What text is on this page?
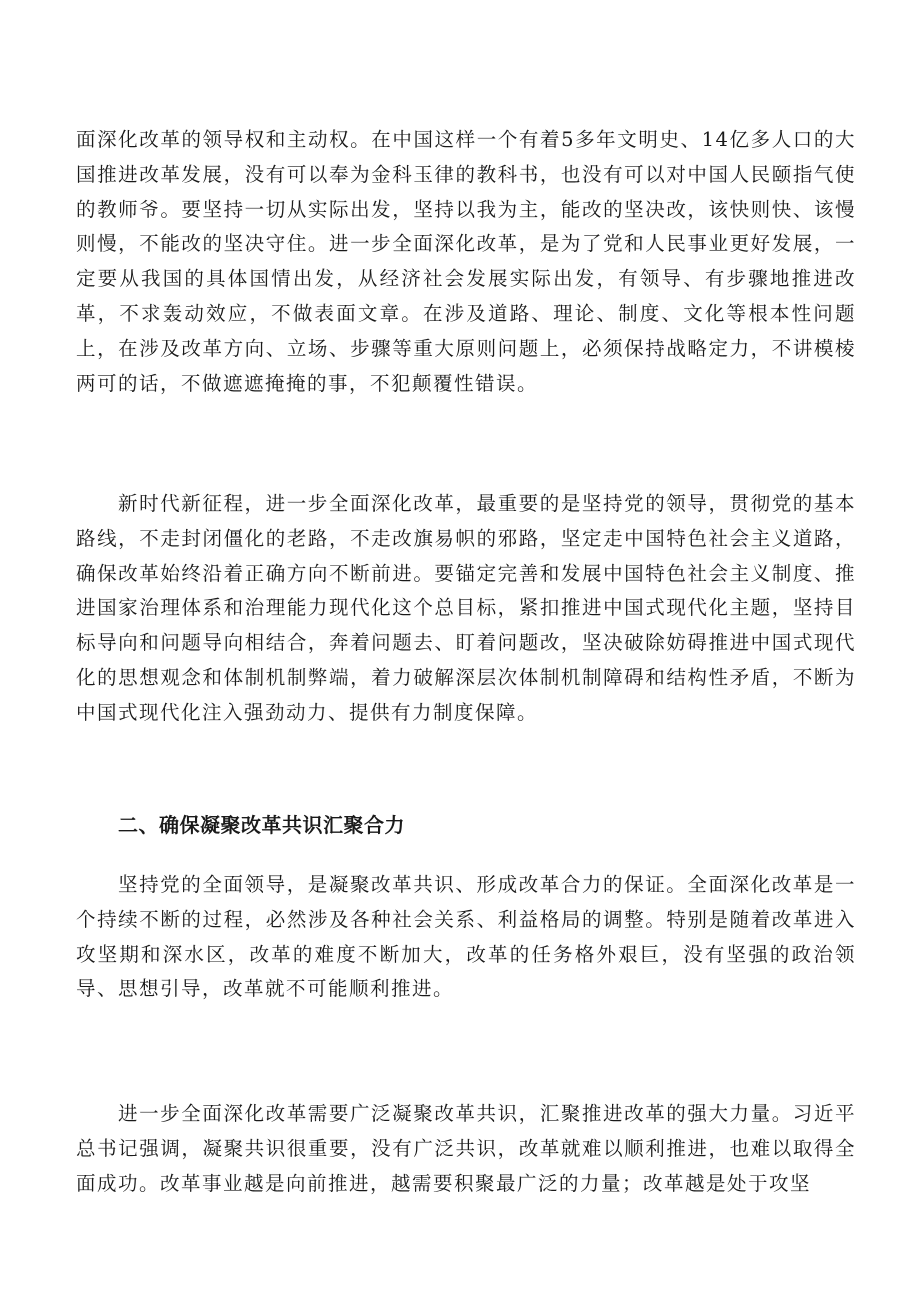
面深化改革的领导权和主动权。在中国这样一个有着5多年文明史、14亿多人口的大国推进改革发展，没有可以奉为金科玉律的教科书，也没有可以对中国人民颐指气使的教师爷。要坚持一切从实际出发，坚持以我为主，能改的坚决改，该快则快、该慢则慢，不能改的坚决守住。进一步全面深化改革，是为了党和人民事业更好发展，一定要从我国的具体国情出发，从经济社会发展实际出发，有领导、有步骤地推进改革，不求轰动效应，不做表面文章。在涉及道路、理论、制度、文化等根本性问题上，在涉及改革方向、立场、步骤等重大原则问题上，必须保持战略定力，不讲模棱两可的话，不做遮遮掩掩的事，不犯颠覆性错误。

新时代新征程，进一步全面深化改革，最重要的是坚持党的领导，贯彻党的基本路线，不走封闭僵化的老路，不走改旗易帜的邪路，坚定走中国特色社会主义道路，确保改革始终沿着正确方向不断前进。要锚定完善和发展中国特色社会主义制度、推进国家治理体系和治理能力现代化这个总目标，紧扣推进中国式现代化主题，坚持目标导向和问题导向相结合，奔着问题去、盯着问题改，坚决破除妨碍推进中国式现代化的思想观念和体制机制弊端，着力破解深层次体制机制障碍和结构性矛盾，不断为中国式现代化注入强劲动力、提供有力制度保障。

二、确保凝聚改革共识汇聚合力

坚持党的全面领导，是凝聚改革共识、形成改革合力的保证。全面深化改革是一个持续不断的过程，必然涉及各种社会关系、利益格局的调整。特别是随着改革进入攻坚期和深水区，改革的难度不断加大，改革的任务格外艰巨，没有坚强的政治领导、思想引导，改革就不可能顺利推进。

进一步全面深化改革需要广泛凝聚改革共识，汇聚推进改革的强大力量。习近平总书记强调，凝聚共识很重要，没有广泛共识，改革就难以顺利推进，也难以取得全面成功。改革事业越是向前推进，越需要积聚最广泛的力量；改革越是处于攻坚
